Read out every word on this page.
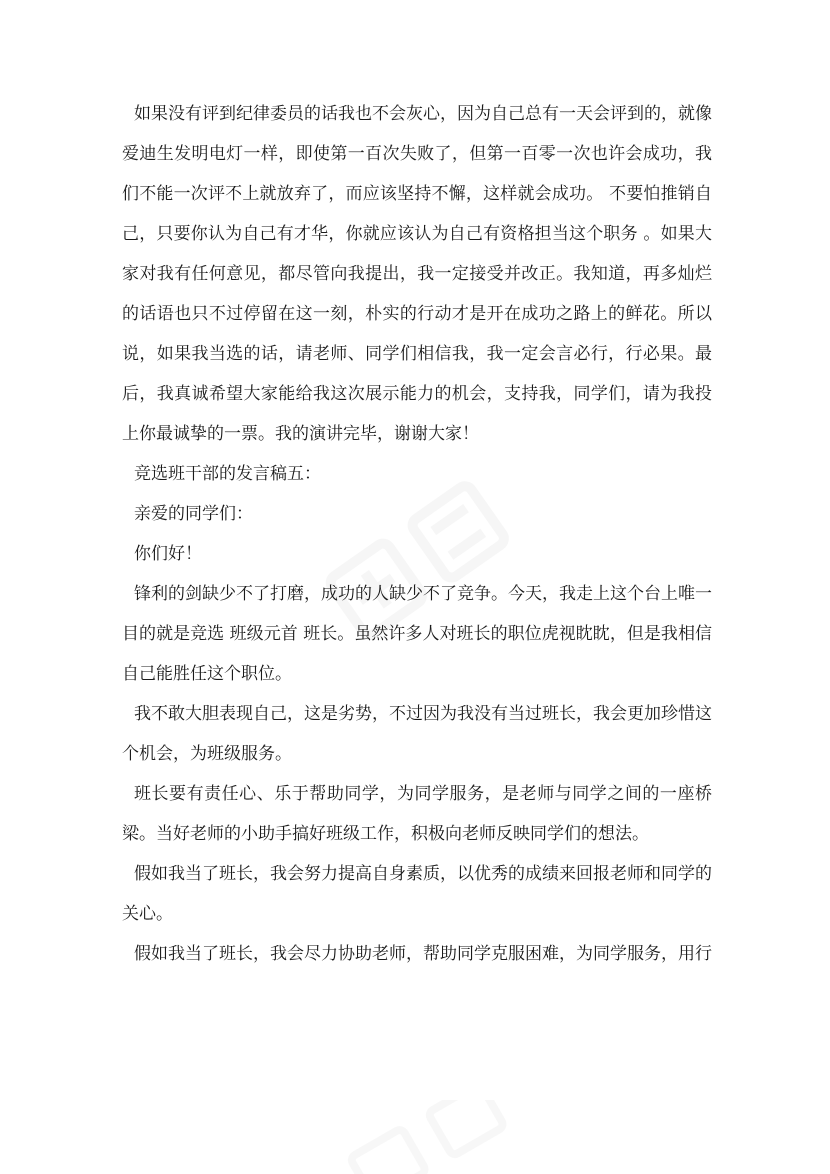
如果没有评到纪律委员的话我也不会灰心，因为自己总有一天会评到的，就像爱迪生发明电灯一样，即使第一百次失败了，但第一百零一次也许会成功，我们不能一次评不上就放弃了，而应该坚持不懈，这样就会成功。 不要怕推销自己，只要你认为自己有才华，你就应该认为自己有资格担当这个职务 。如果大家对我有任何意见，都尽管向我提出，我一定接受并改正。我知道，再多灿烂的话语也只不过停留在这一刻，朴实的行动才是开在成功之路上的鲜花。所以说，如果我当选的话，请老师、同学们相信我，我一定会言必行，行必果。最后，我真诚希望大家能给我这次展示能力的机会，支持我，同学们，请为我投上你最诚挚的一票。我的演讲完毕，谢谢大家！

竞选班干部的发言稿五：

亲爱的同学们：

你们好！

锋利的剑缺少不了打磨，成功的人缺少不了竞争。今天，我走上这个台上唯一目的就是竞选 班级元首 班长。虽然许多人对班长的职位虎视眈眈，但是我相信自己能胜任这个职位。

我不敢大胆表现自己，这是劣势，不过因为我没有当过班长，我会更加珍惜这个机会，为班级服务。

班长要有责任心、乐于帮助同学，为同学服务，是老师与同学之间的一座桥梁。当好老师的小助手搞好班级工作，积极向老师反映同学们的想法。

假如我当了班长，我会努力提高自身素质，以优秀的成绩来回报老师和同学的关心。

假如我当了班长，我会尽力协助老师，帮助同学克服困难，为同学服务，用行
